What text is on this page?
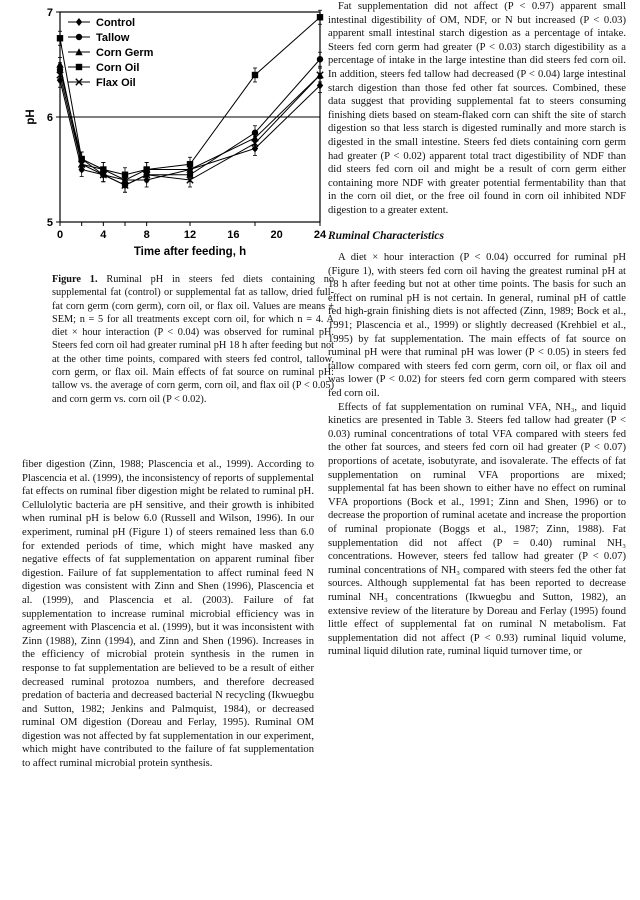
5
6
7
0	4	8	12	16	20	24
Time after feeding, h
pH
Control
Tallow
Corn Germ
Corn Oil
Flax Oil
Figure 1. Ruminal pH in steers fed diets containing no supplemental fat (control) or supplemental fat as tallow, dried full-fat corn germ (corn germ), corn oil, or flax oil. Values are means ± SEM; n = 5 for all treatments except corn oil, for which n = 4. A diet × hour interaction (P < 0.04) was observed for ruminal pH. Steers fed corn oil had greater ruminal pH 18 h after feeding but not at the other time points, compared with steers fed control, tallow, corn germ, or flax oil. Main effects of fat source on ruminal pH: tallow vs. the average of corn germ, corn oil, and flax oil (P < 0.05) and corn germ vs. corn oil (P < 0.02).

fiber digestion (Zinn, 1988; Plascencia et al., 1999). According to Plascencia et al. (1999), the inconsistency of reports of supplemental fat effects on ruminal fiber digestion might be related to ruminal pH. Cellulolytic bacteria are pH sensitive, and their growth is inhibited when ruminal pH is below 6.0 (Russell and Wilson, 1996). In our experiment, ruminal pH (Figure 1) of steers remained less than 6.0 for extended periods of time, which might have masked any negative effects of fat supplementation on apparent ruminal fiber digestion. Failure of fat supplementation to affect ruminal feed N digestion was consistent with Zinn and Shen (1996), Plascencia et al. (1999), and Plascencia et al. (2003). Failure of fat supplementation to increase ruminal microbial efficiency was in agreement with Plascencia et al. (1999), but it was inconsistent with Zinn (1988), Zinn (1994), and Zinn and Shen (1996). Increases in the efficiency of microbial protein synthesis in the rumen in response to fat supplementation are believed to be a result of either decreased ruminal protozoa numbers, and therefore decreased predation of bacteria and decreased bacterial N recycling (Ikwuegbu and Sutton, 1982; Jenkins and Palmquist, 1984), or decreased ruminal OM digestion (Doreau and Ferlay, 1995). Ruminal OM digestion was not affected by fat supplementation in our experiment, which might have contributed to the failure of fat supplementation to affect ruminal microbial protein synthesis.

Fat supplementation did not affect (P < 0.97) apparent small intestinal digestibility of OM, NDF, or N but increased (P < 0.03) apparent small intestinal starch digestion as a percentage of intake. Steers fed corn germ had greater (P < 0.03) starch digestibility as a percentage of intake in the large intestine than did steers fed corn oil. In addition, steers fed tallow had decreased (P < 0.04) large intestinal starch digestion than those fed other fat sources. Combined, these data suggest that providing supplemental fat to steers consuming finishing diets based on steam-flaked corn can shift the site of starch digestion so that less starch is digested ruminally and more starch is digested in the small intestine. Steers fed diets containing corn germ had greater (P < 0.02) apparent total tract digestibility of NDF than did steers fed corn oil and might be a result of corn germ either containing more NDF with greater potential fermentability than that in the corn oil diet, or the free oil found in corn oil inhibited NDF digestion to a greater extent.

Ruminal Characteristics

A diet × hour interaction (P < 0.04) occurred for ruminal pH (Figure 1), with steers fed corn oil having the greatest ruminal pH at 18 h after feeding but not at other time points. The basis for such an effect on ruminal pH is not certain. In general, ruminal pH of cattle fed high-grain finishing diets is not affected (Zinn, 1989; Bock et al., 1991; Plascencia et al., 1999) or slightly decreased (Krehbiel et al., 1995) by fat supplementation. The main effects of fat source on ruminal pH were that ruminal pH was lower (P < 0.05) in steers fed tallow compared with steers fed corn germ, corn oil, or flax oil and was lower (P < 0.02) for steers fed corn germ compared with steers fed corn oil.

Effects of fat supplementation on ruminal VFA, NH₃, and liquid kinetics are presented in Table 3. Steers fed tallow had greater (P < 0.03) ruminal concentrations of total VFA compared with steers fed the other fat sources, and steers fed corn oil had greater (P < 0.07) proportions of acetate, isobutyrate, and isovalerate. The effects of fat supplementation on ruminal VFA proportions are mixed; supplemental fat has been shown to either have no effect on ruminal VFA proportions (Bock et al., 1991; Zinn and Shen, 1996) or to decrease the proportion of ruminal acetate and increase the proportion of ruminal propionate (Boggs et al., 1987; Zinn, 1988). Fat supplementation did not affect (P = 0.40) ruminal NH₃ concentrations. However, steers fed tallow had greater (P < 0.07) ruminal concentrations of NH₃ compared with steers fed the other fat sources. Although supplemental fat has been reported to decrease ruminal NH₃ concentrations (Ikwuegbu and Sutton, 1982), an extensive review of the literature by Doreau and Ferlay (1995) found little effect of supplemental fat on ruminal N metabolism. Fat supplementation did not affect (P < 0.93) ruminal liquid volume, ruminal liquid dilution rate, ruminal liquid turnover time, or
